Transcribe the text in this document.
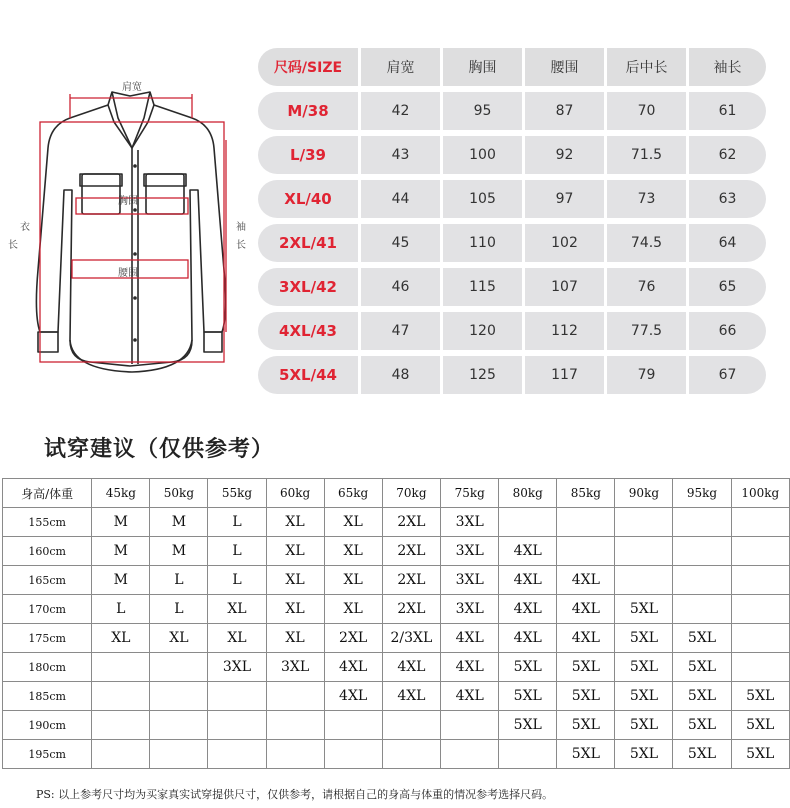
肩宽
胸围
腰围
衣
长
袖
长
尺码/SIZE	肩宽	胸围	腰围	后中长	袖长
M/38	42	95	87	70	61
L/39	43	100	92	71.5	62
XL/40	44	105	97	73	63
2XL/41	45	110	102	74.5	64
3XL/42	46	115	107	76	65
4XL/43	47	120	112	77.5	66
5XL/44	48	125	117	79	67
试穿建议（仅供参考）
身高/体重	45kg	50kg	55kg	60kg	65kg	70kg	75kg	80kg	85kg	90kg	95kg	100kg
155cm	M	M	L	XL	XL	2XL	3XL					
160cm	M	M	L	XL	XL	2XL	3XL	4XL				
165cm	M	L	L	XL	XL	2XL	3XL	4XL	4XL			
170cm	L	L	XL	XL	XL	2XL	3XL	4XL	4XL	5XL		
175cm	XL	XL	XL	XL	2XL	2/3XL	4XL	4XL	4XL	5XL	5XL	
180cm			3XL	3XL	4XL	4XL	4XL	5XL	5XL	5XL	5XL	
185cm					4XL	4XL	4XL	5XL	5XL	5XL	5XL	5XL
190cm								5XL	5XL	5XL	5XL	5XL
195cm									5XL	5XL	5XL	5XL
PS: 以上参考尺寸均为买家真实试穿提供尺寸，仅供参考，请根据自己的身高与体重的情况参考选择尺码。
